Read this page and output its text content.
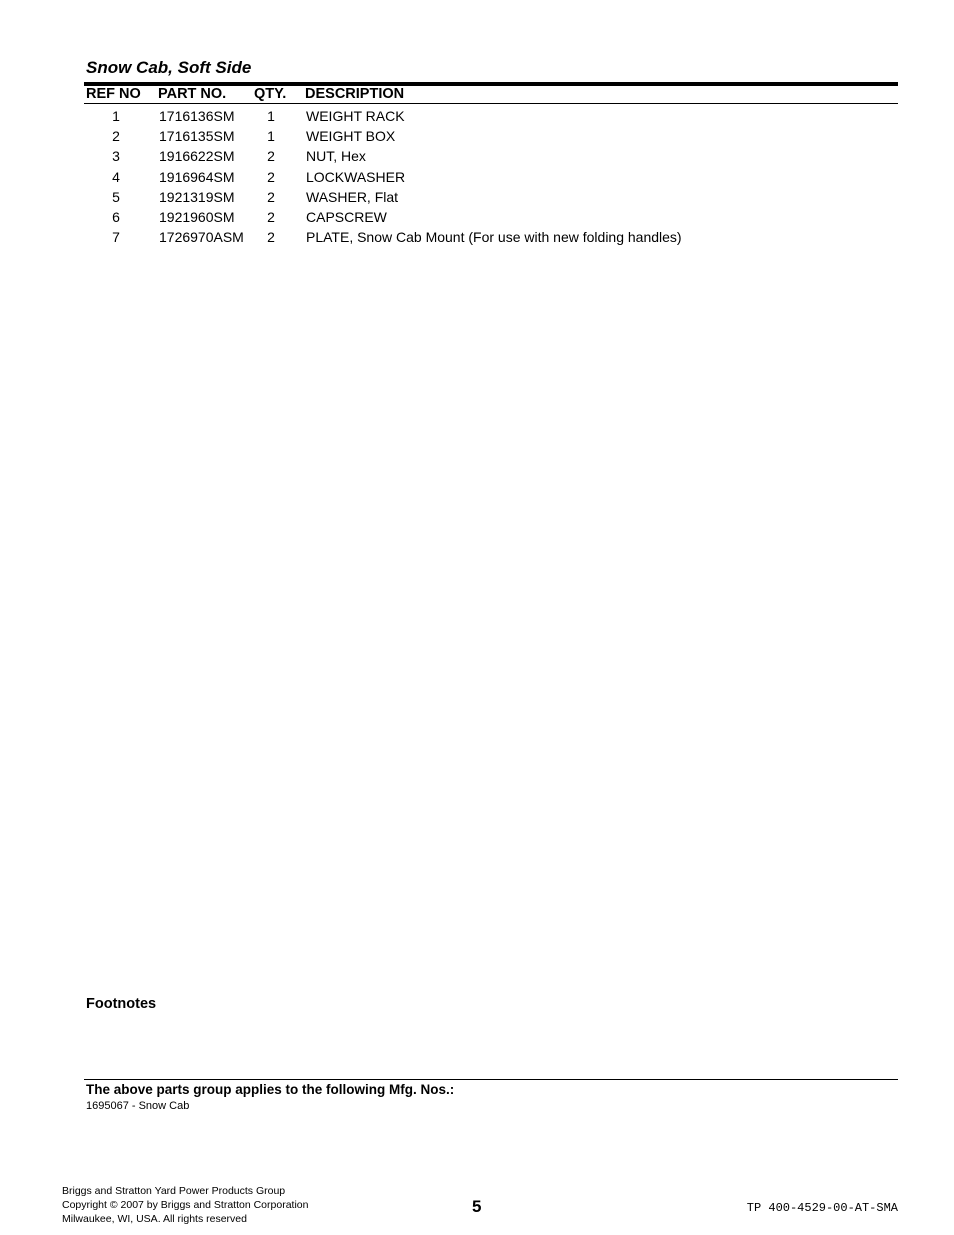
Snow Cab, Soft Side
REF NO PART NO. QTY. DESCRIPTION
1	1716136SM	1	WEIGHT RACK
2	1716135SM	1	WEIGHT BOX
3	1916622SM	2	NUT, Hex
4	1916964SM	2	LOCKWASHER
5	1921319SM	2	WASHER, Flat
6	1921960SM	2	CAPSCREW
7	1726970ASM	2	PLATE, Snow Cab Mount (For use with new folding handles)
Footnotes
The above parts group applies to the following Mfg. Nos.:
1695067 - Snow Cab
Briggs and Stratton Yard Power Products Group
Copyright © 2007 by Briggs and Stratton Corporation
Milwaukee, WI, USA. All rights reserved
5	TP 400-4529-00-AT-SMA
